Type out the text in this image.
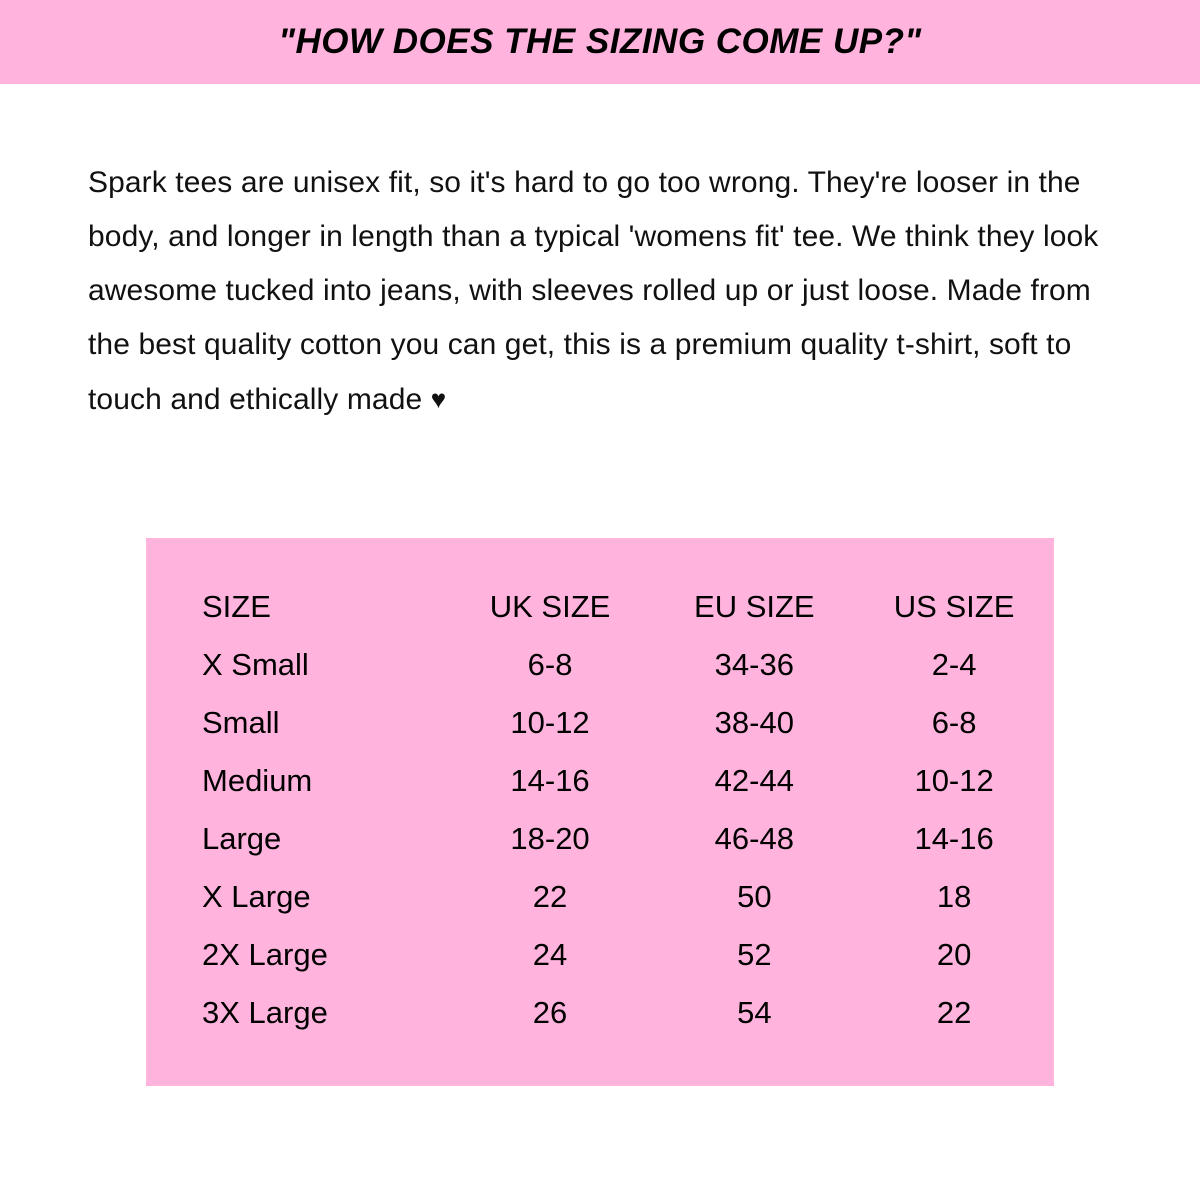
"HOW DOES THE SIZING COME UP?"
Spark tees are unisex fit, so it's hard to go too wrong. They're looser in the body, and longer in length than a typical 'womens fit' tee. We think they look awesome tucked into jeans, with sleeves rolled up or just loose. Made from the best quality cotton you can get, this is a premium quality t-shirt, soft to touch and ethically made ♥
SIZE	UK SIZE	EU SIZE	US SIZE
X Small	6-8	34-36	2-4
Small	10-12	38-40	6-8
Medium	14-16	42-44	10-12
Large	18-20	46-48	14-16
X Large	22	50	18
2X Large	24	52	20
3X Large	26	54	22
